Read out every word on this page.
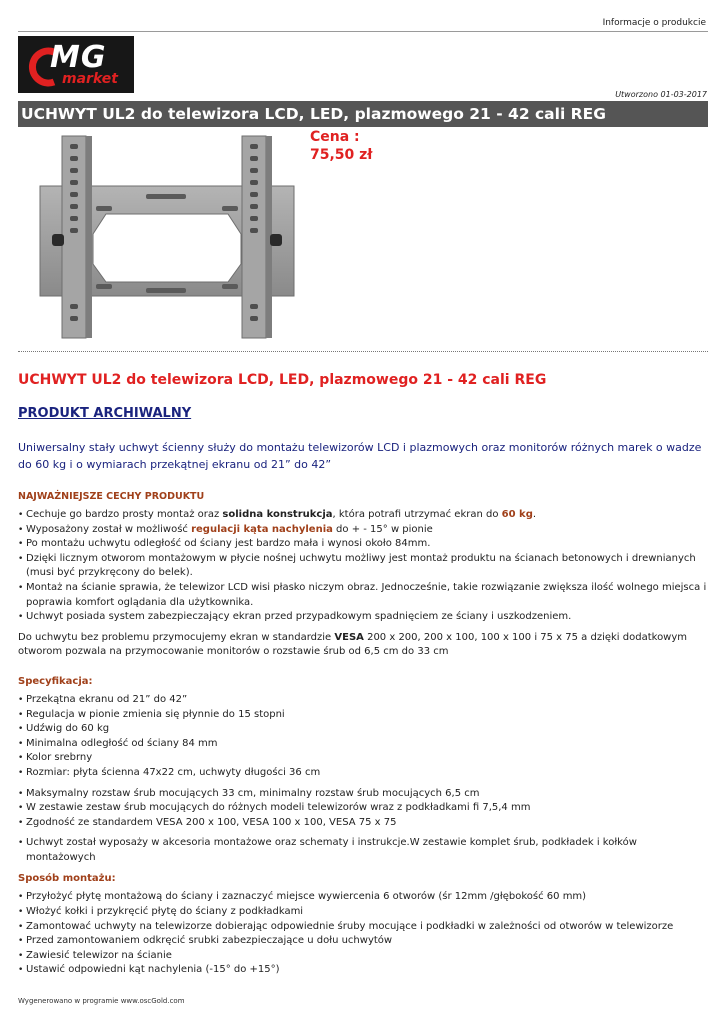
Informacje o produkcie
MG
market
Utworzono 01-03-2017
UCHWYT UL2 do telewizora LCD, LED, plazmowego 21 - 42 cali REG
Cena :
75,50 zł
UCHWYT UL2 do telewizora LCD, LED, plazmowego 21 - 42 cali REG
PRODUKT ARCHIWALNY
Uniwersalny stały uchwyt ścienny służy do montażu telewizorów LCD i plazmowych oraz monitorów różnych marek o wadze do 60 kg i o wymiarach przekątnej ekranu od 21” do 42”
NAJWAŻNIEJSZE CECHY PRODUKTU
• Cechuje go bardzo prosty montaż oraz solidna konstrukcja, która potrafi utrzymać ekran do 60 kg.
• Wyposażony został w możliwość regulacji kąta nachylenia do + - 15° w pionie
• Po montażu uchwytu odległość od ściany jest bardzo mała i wynosi około 84mm.
• Dzięki licznym otworom montażowym w płycie nośnej uchwytu możliwy jest montaż produktu na ścianach betonowych i drewnianych (musi być przykręcony do belek).
• Montaż na ścianie sprawia, że telewizor LCD wisi płasko niczym obraz. Jednocześnie, takie rozwiązanie zwiększa ilość wolnego miejsca i poprawia komfort oglądania dla użytkownika.
• Uchwyt posiada system zabezpieczający ekran przed przypadkowym spadnięciem ze ściany i uszkodzeniem.

Do uchwytu bez problemu przymocujemy ekran w standardzie VESA 200 x 200, 200 x 100, 100 x 100 i 75 x 75 a dzięki dodatkowym otworom pozwala na przymocowanie monitorów o rozstawie śrub od 6,5 cm do 33 cm

Specyfikacja:
• Przekątna ekranu od 21” do 42”
• Regulacja w pionie zmienia się płynnie do 15 stopni
• Udźwig do 60 kg
• Minimalna odległość od ściany 84 mm
• Kolor srebrny
• Rozmiar: płyta ścienna 47x22 cm, uchwyty długości 36 cm
• Maksymalny rozstaw śrub mocujących 33 cm, minimalny rozstaw śrub mocujących 6,5 cm
• W zestawie zestaw śrub mocujących do różnych modeli telewizorów wraz z podkładkami fi 7,5,4 mm
• Zgodność ze standardem VESA 200 x 100, VESA 100 x 100, VESA 75 x 75
• Uchwyt został wyposaży w akcesoria montażowe oraz schematy i instrukcje.W zestawie komplet śrub, podkładek i kołków montażowych
Sposób montażu:
• Przyłożyć płytę montażową do ściany i zaznaczyć miejsce wywiercenia 6 otworów (śr 12mm /głębokość 60 mm)
• Włożyć kołki i przykręcić płytę do ściany z podkładkami
• Zamontować uchwyty na telewizorze dobierając odpowiednie śruby mocujące i podkładki w zależności od otworów w telewizorze
• Przed zamontowaniem odkręcić srubki zabezpieczające u dołu uchwytów
• Zawiesić telewizor na ścianie
• Ustawić odpowiedni kąt nachylenia (-15° do +15°)
Wygenerowano w programie www.oscGold.com
